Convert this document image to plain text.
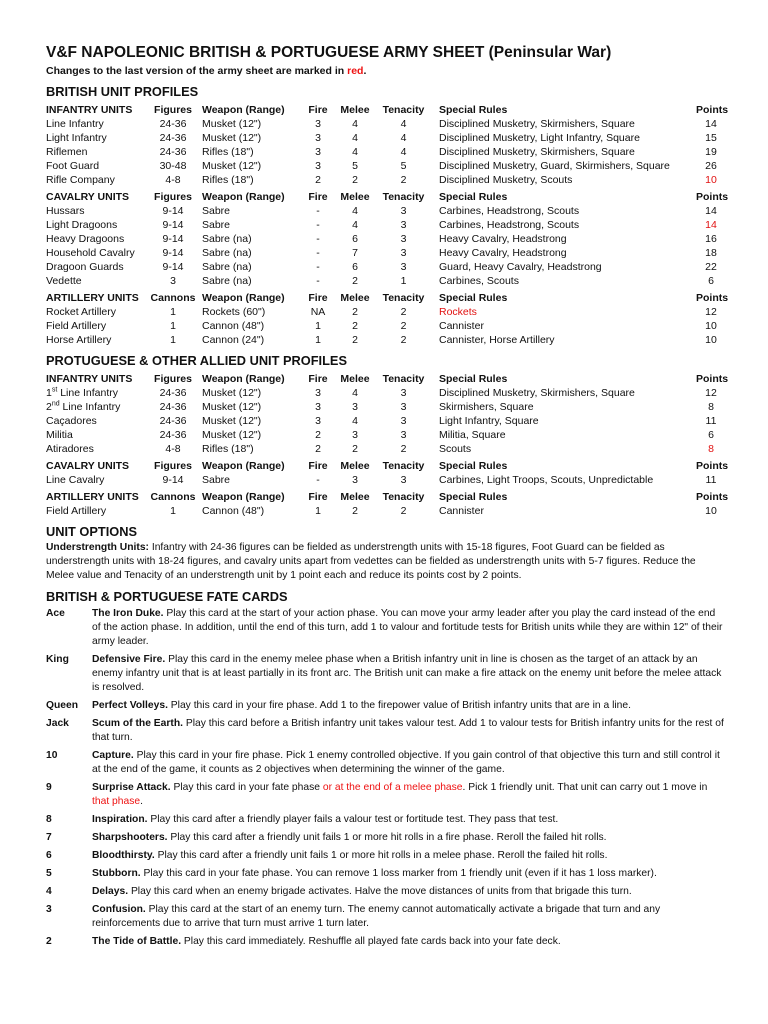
V&F NAPOLEONIC BRITISH & PORTUGUESE ARMY SHEET (Peninsular War)

Changes to the last version of the army sheet are marked in red.

BRITISH UNIT PROFILES
INFANTRY UNITS	Figures	Weapon (Range)	Fire	Melee	Tenacity	Special Rules	Points
Line Infantry	24-36	Musket (12")	3	4	4	Disciplined Musketry, Skirmishers, Square	14
Light Infantry	24-36	Musket (12")	3	4	4	Disciplined Musketry, Light Infantry, Square	15
Riflemen	24-36	Rifles (18")	3	4	4	Disciplined Musketry, Skirmishers, Square	19
Foot Guard	30-48	Musket (12")	3	5	5	Disciplined Musketry, Guard, Skirmishers, Square	26
Rifle Company	4-8	Rifles (18")	2	2	2	Disciplined Musketry, Scouts	10
CAVALRY UNITS	Figures	Weapon (Range)	Fire	Melee	Tenacity	Special Rules	Points
Hussars	9-14	Sabre	-	4	3	Carbines, Headstrong, Scouts	14
Light Dragoons	9-14	Sabre	-	4	3	Carbines, Headstrong, Scouts	14
Heavy Dragoons	9-14	Sabre (na)	-	6	3	Heavy Cavalry, Headstrong	16
Household Cavalry	9-14	Sabre (na)	-	7	3	Heavy Cavalry, Headstrong	18
Dragoon Guards	9-14	Sabre (na)	-	6	3	Guard, Heavy Cavalry, Headstrong	22
Vedette	3	Sabre (na)	-	2	1	Carbines, Scouts	6
ARTILLERY UNITS	Cannons	Weapon (Range)	Fire	Melee	Tenacity	Special Rules	Points
Rocket Artillery	1	Rockets (60")	NA	2	2	Rockets	12
Field Artillery	1	Cannon (48")	1	2	2	Cannister	10
Horse Artillery	1	Cannon (24")	1	2	2	Cannister, Horse Artillery	10
PROTUGUESE & OTHER ALLIED UNIT PROFILES
INFANTRY UNITS	Figures	Weapon (Range)	Fire	Melee	Tenacity	Special Rules	Points
1st Line Infantry	24-36	Musket (12")	3	4	3	Disciplined Musketry, Skirmishers, Square	12
2nd Line Infantry	24-36	Musket (12")	3	3	3	Skirmishers, Square	8
Caçadores	24-36	Musket (12")	3	4	3	Light Infantry, Square	11
Militia	24-36	Musket (12")	2	3	3	Militia, Square	6
Atiradores	4-8	Rifles (18")	2	2	2	Scouts	8
CAVALRY UNITS	Figures	Weapon (Range)	Fire	Melee	Tenacity	Special Rules	Points
Line Cavalry	9-14	Sabre	-	3	3	Carbines, Light Troops, Scouts, Unpredictable	11
ARTILLERY UNITS	Cannons	Weapon (Range)	Fire	Melee	Tenacity	Special Rules	Points
Field Artillery	1	Cannon (48")	1	2	2	Cannister	10
UNIT OPTIONS

Understrength Units: Infantry with 24-36 figures can be fielded as understrength units with 15-18 figures, Foot Guard can be fielded as understrength units with 18-24 figures, and cavalry units apart from vedettes can be fielded as understrength units with 5-7 figures. Reduce the Melee value and Tenacity of an understrength unit by 1 point each and reduce its points cost by 2 points.

BRITISH & PORTUGUESE FATE CARDS
Ace	The Iron Duke. Play this card at the start of your action phase. You can move your army leader after you play the card instead of the end of the action phase. In addition, until the end of this turn, add 1 to valour and fortitude tests for British units while they are within 12" of their army leader.
King	Defensive Fire. Play this card in the enemy melee phase when a British infantry unit in line is chosen as the target of an attack by an enemy infantry unit that is at least partially in its front arc. The British unit can make a fire attack on the enemy unit before the melee attack is resolved.
Queen	Perfect Volleys. Play this card in your fire phase. Add 1 to the firepower value of British infantry units that are in a line.
Jack	Scum of the Earth. Play this card before a British infantry unit takes valour test. Add 1 to valour tests for British infantry units for the rest of that turn.
10	Capture. Play this card in your fire phase. Pick 1 enemy controlled objective. If you gain control of that objective this turn and still control it at the end of the game, it counts as 2 objectives when determining the winner of the game.
9	Surprise Attack. Play this card in your fate phase or at the end of a melee phase. Pick 1 friendly unit. That unit can carry out 1 move in that phase.
8	Inspiration. Play this card after a friendly player fails a valour test or fortitude test. They pass that test.
7	Sharpshooters. Play this card after a friendly unit fails 1 or more hit rolls in a fire phase. Reroll the failed hit rolls.
6	Bloodthirsty. Play this card after a friendly unit fails 1 or more hit rolls in a melee phase. Reroll the failed hit rolls.
5	Stubborn. Play this card in your fate phase. You can remove 1 loss marker from 1 friendly unit (even if it has 1 loss marker).
4	Delays. Play this card when an enemy brigade activates. Halve the move distances of units from that brigade this turn.
3	Confusion. Play this card at the start of an enemy turn. The enemy cannot automatically activate a brigade that turn and any reinforcements due to arrive that turn must arrive 1 turn later.
2	The Tide of Battle. Play this card immediately. Reshuffle all played fate cards back into your fate deck.
